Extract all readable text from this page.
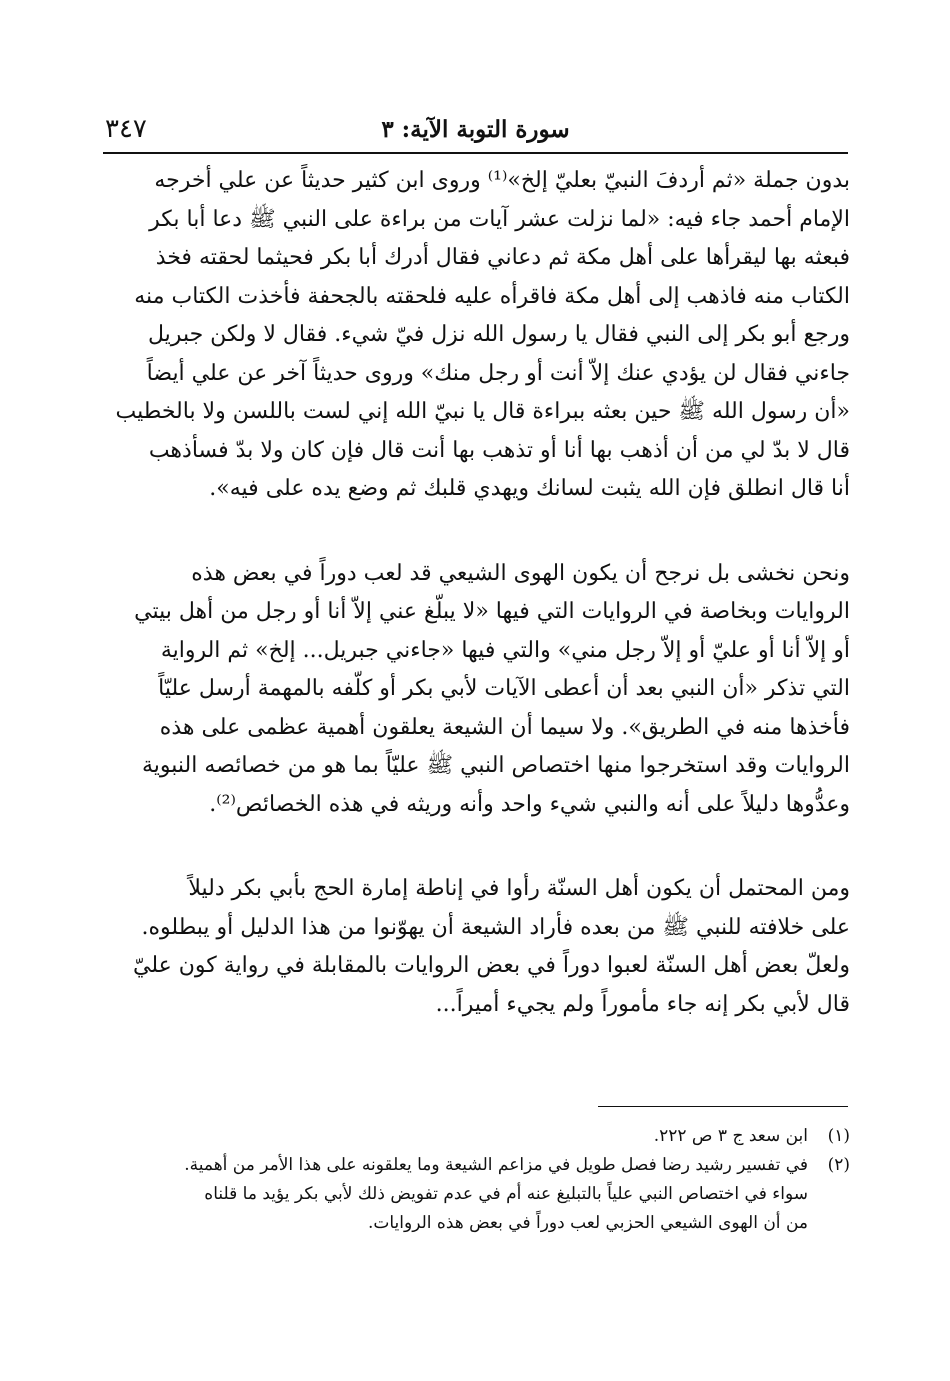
٣٤٧	سورة التوبة الآية: ٣

بدون جملة «ثم أردفَ النبيّ بعليّ إلخ»⁽¹⁾ وروى ابن كثير حديثاً عن علي أخرجه

الإمام أحمد جاء فيه: «لما نزلت عشر آيات من براءة على النبي ﷺ دعا أبا بكر

فبعثه بها ليقرأها على أهل مكة ثم دعاني فقال أدرك أبا بكر فحيثما لحقته فخذ

الكتاب منه فاذهب إلى أهل مكة فاقرأه عليه فلحقته بالجحفة فأخذت الكتاب منه

ورجع أبو بكر إلى النبي فقال يا رسول الله نزل فيّ شيء. فقال لا ولكن جبريل

جاءني فقال لن يؤدي عنك إلاّ أنت أو رجل منك» وروى حديثاً آخر عن علي أيضاً

«أن رسول الله ﷺ حين بعثه ببراءة قال يا نبيّ الله إني لست باللسن ولا بالخطيب

قال لا بدّ لي من أن أذهب بها أنا أو تذهب بها أنت قال فإن كان ولا بدّ فسأذهب

أنا قال انطلق فإن الله يثبت لسانك ويهدي قلبك ثم وضع يده على فيه».

ونحن نخشى بل نرجح أن يكون الهوى الشيعي قد لعب دوراً في بعض هذه

الروايات وبخاصة في الروايات التي فيها «لا يبلّغ عني إلاّ أنا أو رجل من أهل بيتي

أو إلاّ أنا أو عليّ أو إلاّ رجل مني» والتي فيها «جاءني جبريل... إلخ» ثم الرواية

التي تذكر «أن النبي بعد أن أعطى الآيات لأبي بكر أو كلّفه بالمهمة أرسل عليّاً

فأخذها منه في الطريق». ولا سيما أن الشيعة يعلقون أهمية عظمى على هذه

الروايات وقد استخرجوا منها اختصاص النبي ﷺ عليّاً بما هو من خصائصه النبوية

وعدُّوها دليلاً على أنه والنبي شيء واحد وأنه وريثه في هذه الخصائص⁽²⁾.

ومن المحتمل أن يكون أهل السنّة رأوا في إناطة إمارة الحج بأبي بكر دليلاً

على خلافته للنبي ﷺ من بعده فأراد الشيعة أن يهوّنوا من هذا الدليل أو يبطلوه.

ولعلّ بعض أهل السنّة لعبوا دوراً في بعض الروايات بالمقابلة في رواية كون عليّ

قال لأبي بكر إنه جاء مأموراً ولم يجيء أميراً...

(١)
ابن سعد ج ٣ ص ٢٢٢.
(٢)
في تفسير رشيد رضا فصل طويل في مزاعم الشيعة وما يعلقونه على هذا الأمر من أهمية.
سواء في اختصاص النبي علياً بالتبليغ عنه أم في عدم تفويض ذلك لأبي بكر يؤيد ما قلناه
من أن الهوى الشيعي الحزبي لعب دوراً في بعض هذه الروايات.
